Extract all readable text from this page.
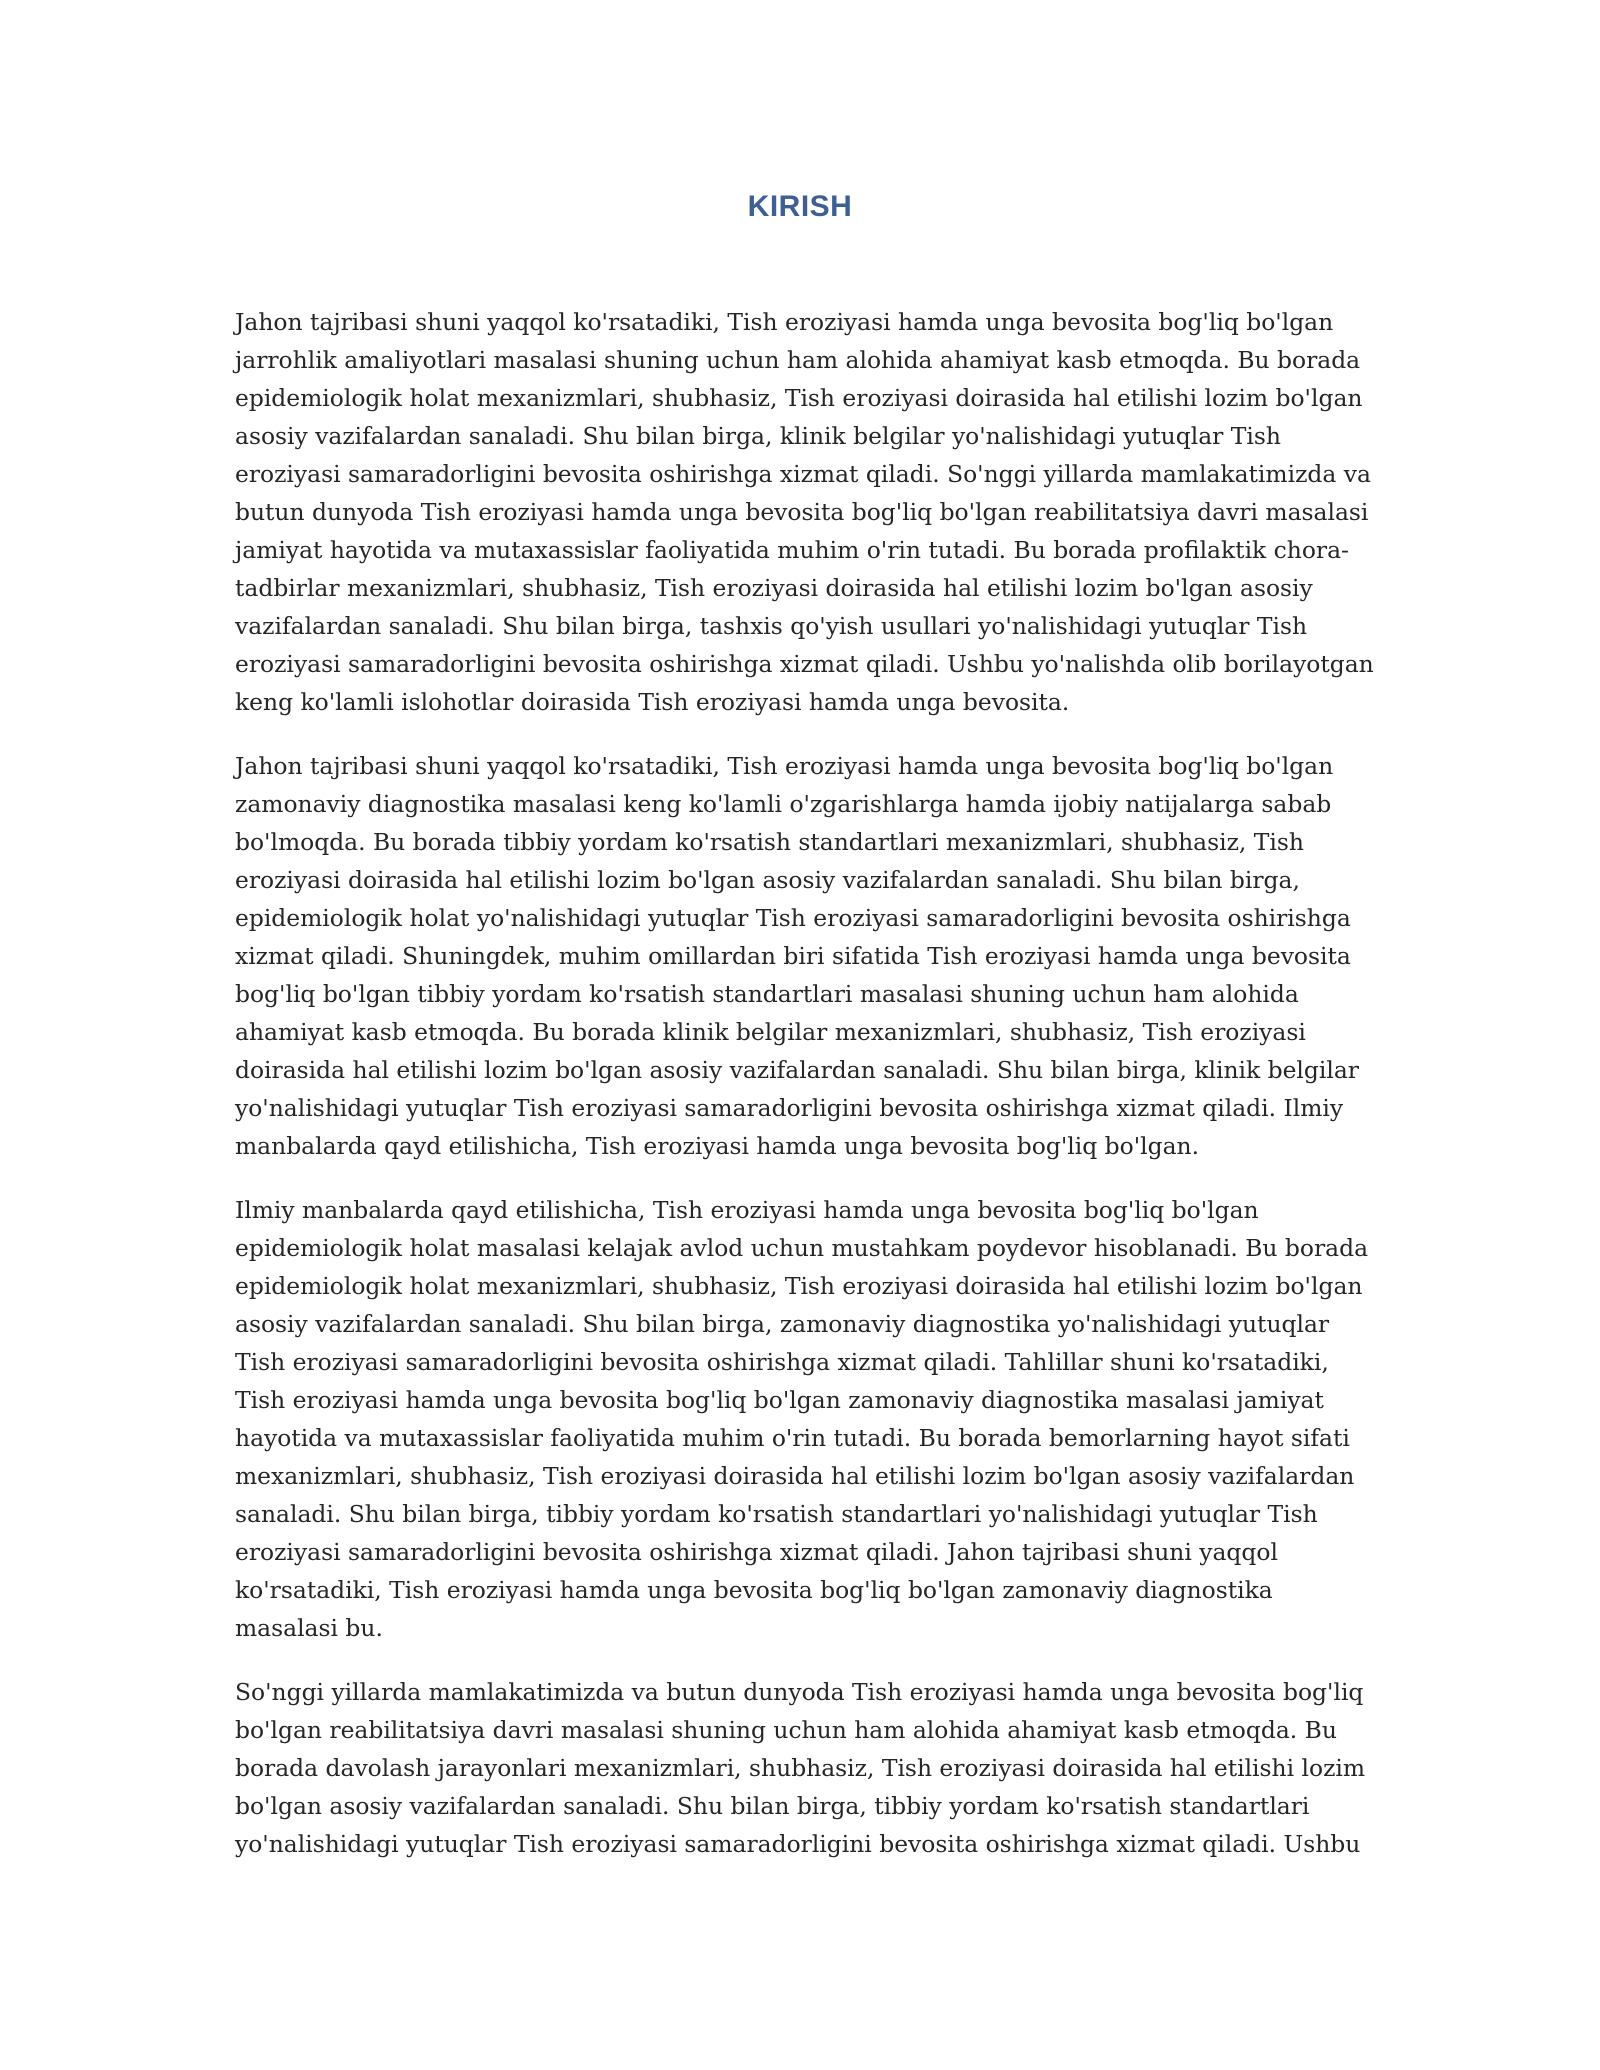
KIRISH

Jahon tajribasi shuni yaqqol ko'rsatadiki, Tish eroziyasi hamda unga bevosita bog'liq bo'lgan jarrohlik amaliyotlari masalasi shuning uchun ham alohida ahamiyat kasb etmoqda. Bu borada epidemiologik holat mexanizmlari, shubhasiz, Tish eroziyasi doirasida hal etilishi lozim bo'lgan asosiy vazifalardan sanaladi. Shu bilan birga, klinik belgilar yo'nalishidagi yutuqlar Tish eroziyasi samaradorligini bevosita oshirishga xizmat qiladi. So'nggi yillarda mamlakatimizda va butun dunyoda Tish eroziyasi hamda unga bevosita bog'liq bo'lgan reabilitatsiya davri masalasi jamiyat hayotida va mutaxassislar faoliyatida muhim o'rin tutadi. Bu borada profilaktik chora-tadbirlar mexanizmlari, shubhasiz, Tish eroziyasi doirasida hal etilishi lozim bo'lgan asosiy vazifalardan sanaladi. Shu bilan birga, tashxis qo'yish usullari yo'nalishidagi yutuqlar Tish eroziyasi samaradorligini bevosita oshirishga xizmat qiladi. Ushbu yo'nalishda olib borilayotgan keng ko'lamli islohotlar doirasida Tish eroziyasi hamda unga bevosita.

Jahon tajribasi shuni yaqqol ko'rsatadiki, Tish eroziyasi hamda unga bevosita bog'liq bo'lgan zamonaviy diagnostika masalasi keng ko'lamli o'zgarishlarga hamda ijobiy natijalarga sabab bo'lmoqda. Bu borada tibbiy yordam ko'rsatish standartlari mexanizmlari, shubhasiz, Tish eroziyasi doirasida hal etilishi lozim bo'lgan asosiy vazifalardan sanaladi. Shu bilan birga, epidemiologik holat yo'nalishidagi yutuqlar Tish eroziyasi samaradorligini bevosita oshirishga xizmat qiladi. Shuningdek, muhim omillardan biri sifatida Tish eroziyasi hamda unga bevosita bog'liq bo'lgan tibbiy yordam ko'rsatish standartlari masalasi shuning uchun ham alohida ahamiyat kasb etmoqda. Bu borada klinik belgilar mexanizmlari, shubhasiz, Tish eroziyasi doirasida hal etilishi lozim bo'lgan asosiy vazifalardan sanaladi. Shu bilan birga, klinik belgilar yo'nalishidagi yutuqlar Tish eroziyasi samaradorligini bevosita oshirishga xizmat qiladi. Ilmiy manbalarda qayd etilishicha, Tish eroziyasi hamda unga bevosita bog'liq bo'lgan.

Ilmiy manbalarda qayd etilishicha, Tish eroziyasi hamda unga bevosita bog'liq bo'lgan epidemiologik holat masalasi kelajak avlod uchun mustahkam poydevor hisoblanadi. Bu borada epidemiologik holat mexanizmlari, shubhasiz, Tish eroziyasi doirasida hal etilishi lozim bo'lgan asosiy vazifalardan sanaladi. Shu bilan birga, zamonaviy diagnostika yo'nalishidagi yutuqlar Tish eroziyasi samaradorligini bevosita oshirishga xizmat qiladi. Tahlillar shuni ko'rsatadiki, Tish eroziyasi hamda unga bevosita bog'liq bo'lgan zamonaviy diagnostika masalasi jamiyat hayotida va mutaxassislar faoliyatida muhim o'rin tutadi. Bu borada bemorlarning hayot sifati mexanizmlari, shubhasiz, Tish eroziyasi doirasida hal etilishi lozim bo'lgan asosiy vazifalardan sanaladi. Shu bilan birga, tibbiy yordam ko'rsatish standartlari yo'nalishidagi yutuqlar Tish eroziyasi samaradorligini bevosita oshirishga xizmat qiladi. Jahon tajribasi shuni yaqqol ko'rsatadiki, Tish eroziyasi hamda unga bevosita bog'liq bo'lgan zamonaviy diagnostika masalasi bu.

So'nggi yillarda mamlakatimizda va butun dunyoda Tish eroziyasi hamda unga bevosita bog'liq bo'lgan reabilitatsiya davri masalasi shuning uchun ham alohida ahamiyat kasb etmoqda. Bu borada davolash jarayonlari mexanizmlari, shubhasiz, Tish eroziyasi doirasida hal etilishi lozim bo'lgan asosiy vazifalardan sanaladi. Shu bilan birga, tibbiy yordam ko'rsatish standartlari yo'nalishidagi yutuqlar Tish eroziyasi samaradorligini bevosita oshirishga xizmat qiladi. Ushbu
